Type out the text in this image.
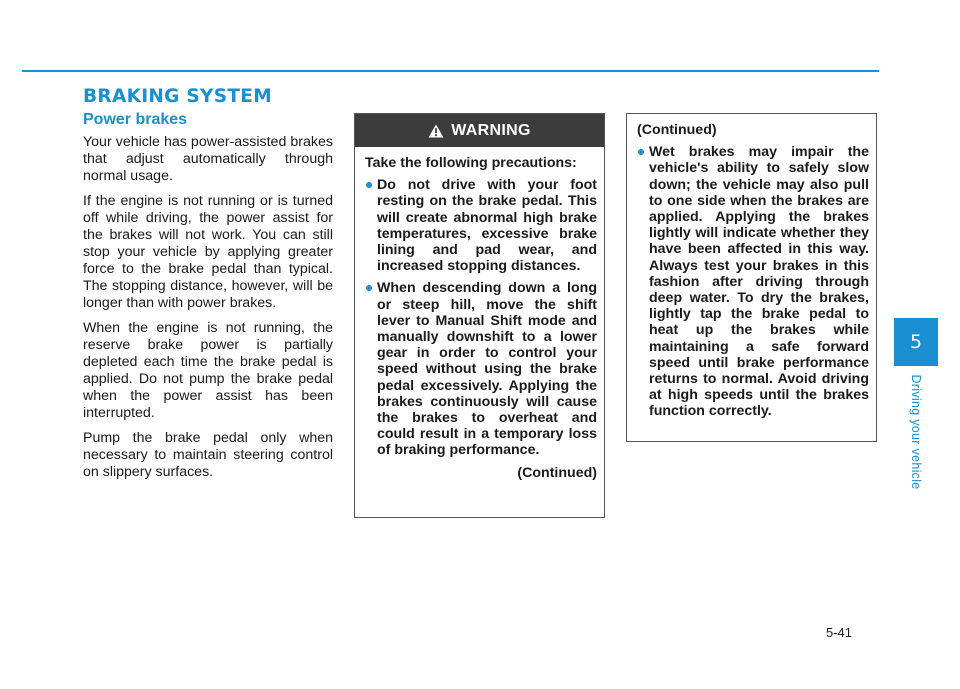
BRAKING SYSTEM
Power brakes

Your vehicle has power-assisted brakes that adjust automatically through normal usage.

If the engine is not running or is turned off while driving, the power assist for the brakes will not work. You can still stop your vehicle by applying greater force to the brake pedal than typical. The stopping distance, however, will be longer than with power brakes.

When the engine is not running, the reserve brake power is partially depleted each time the brake pedal is applied. Do not pump the brake pedal when the power assist has been interrupted.

Pump the brake pedal only when necessary to maintain steering control on slippery surfaces.

WARNING

Take the following precautions:

Do not drive with your foot resting on the brake pedal. This will create abnormal high brake temperatures, excessive brake lining and pad wear, and increased stopping distances.
When descending down a long or steep hill, move the shift lever to Manual Shift mode and manually downshift to a lower gear in order to control your speed without using the brake pedal excessively. Applying the brakes continuously will cause the brakes to overheat and could result in a temporary loss of braking performance.

(Continued)

(Continued)

Wet brakes may impair the vehicle's ability to safely slow down; the vehicle may also pull to one side when the brakes are applied. Applying the brakes lightly will indicate whether they have been affected in this way. Always test your brakes in this fashion after driving through deep water. To dry the brakes, lightly tap the brake pedal to heat up the brakes while maintaining a safe forward speed until brake performance returns to normal. Avoid driving at high speeds until the brakes function correctly.
5
Driving your vehicle
5-41
